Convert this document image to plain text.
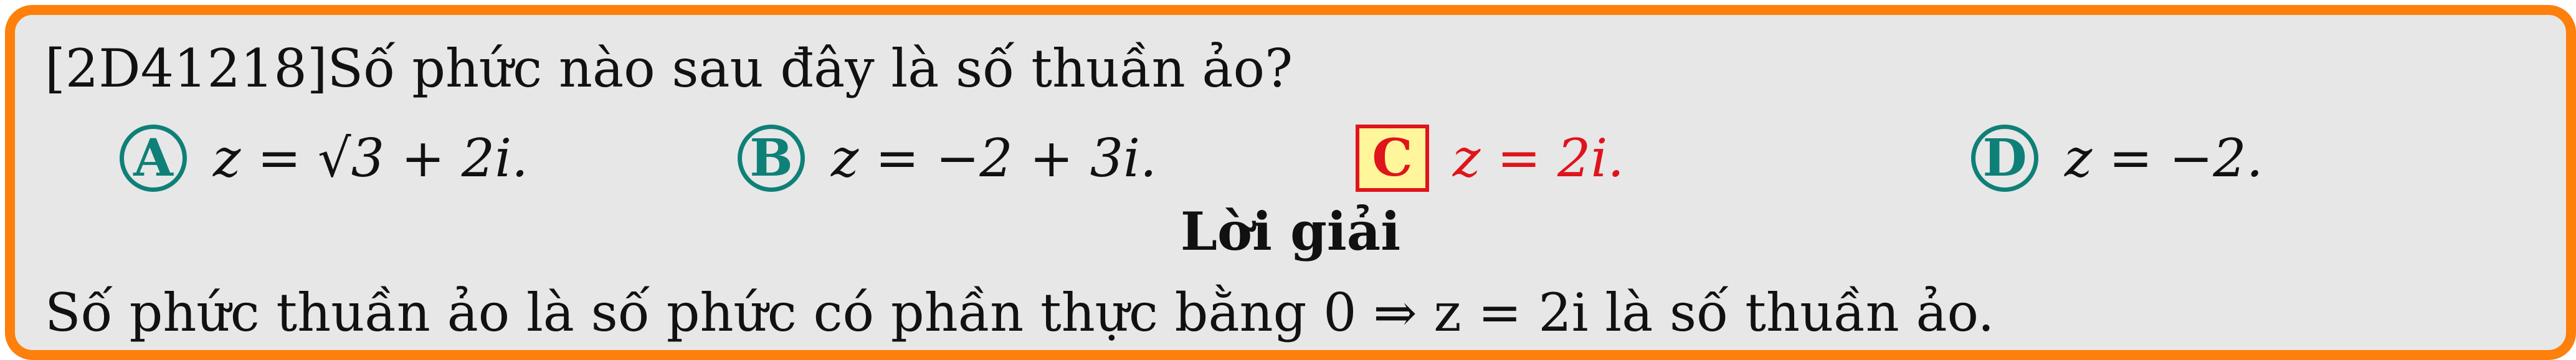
[2D41218]Số phức nào sau đây là số thuần ảo?
A z = √3 + 2i.	B z = −2 + 3i.	C z = 2i.	D z = −2.
Lời giải
Số phức thuần ảo là số phức có phần thực bằng 0 ⇒ z = 2i là số thuần ảo.
